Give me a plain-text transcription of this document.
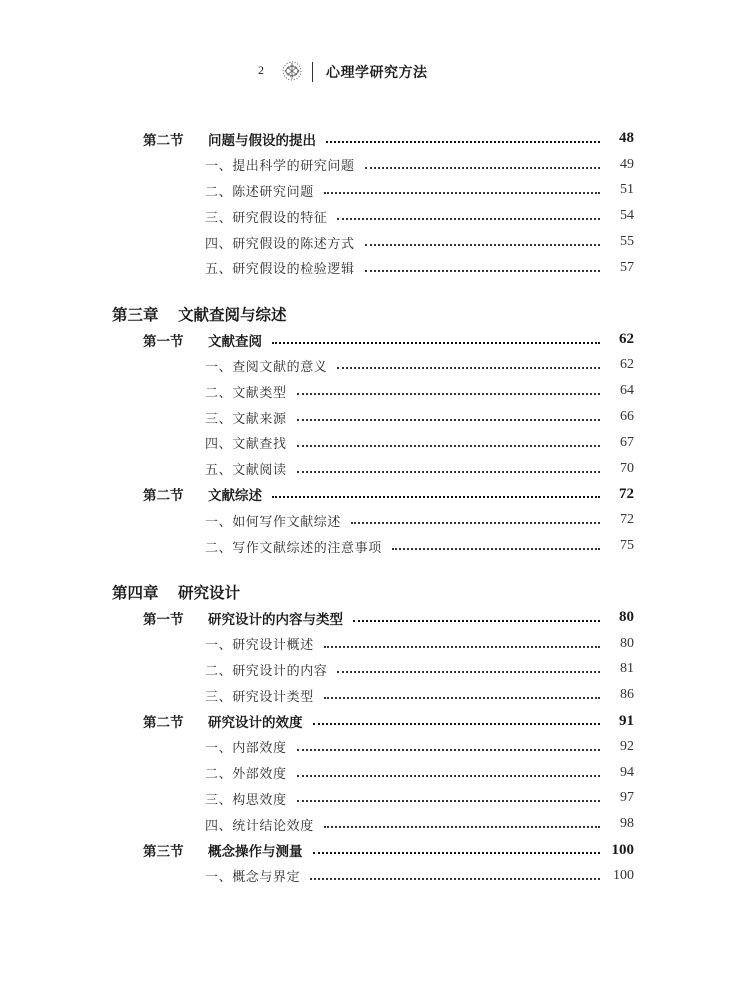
2	心理学研究方法
第二节 问题与假设的提出	48
一、提出科学的研究问题	49
二、陈述研究问题	51
三、研究假设的特征	54
四、研究假设的陈述方式	55
五、研究假设的检验逻辑	57
第三章 文献查阅与综述
第一节 文献查阅	62
一、查阅文献的意义	62
二、文献类型	64
三、文献来源	66
四、文献查找	67
五、文献阅读	70
第二节 文献综述	72
一、如何写作文献综述	72
二、写作文献综述的注意事项	75
第四章 研究设计
第一节 研究设计的内容与类型	80
一、研究设计概述	80
二、研究设计的内容	81
三、研究设计类型	86
第二节 研究设计的效度	91
一、内部效度	92
二、外部效度	94
三、构思效度	97
四、统计结论效度	98
第三节 概念操作与测量	100
一、概念与界定	100
